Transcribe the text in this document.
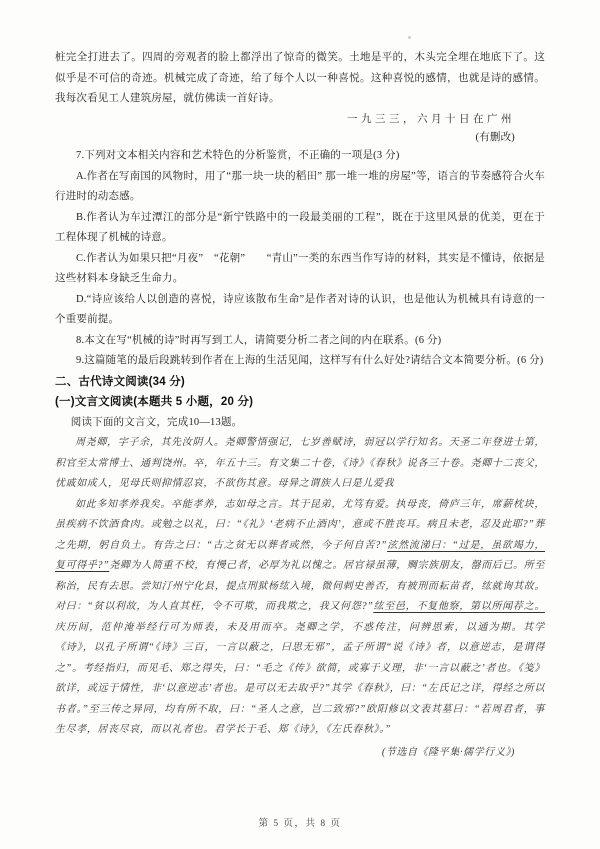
桩完全打进去了。四周的旁观者的脸上都浮出了惊奇的微笑。土地是平的，木头完全埋在地底下了。这似乎是不可信的奇迹。机械完成了奇迹，给了每个人以一种喜悦。这种喜悦的感情，也就是诗的感情。我每次看见工人建筑房屋，就仿佛读一首好诗。

一九三三，六月十日在广州

(有删改)

7.下列对文本相关内容和艺术特色的分析鉴赏，不正确的一项是(3 分)

A.作者在写南国的风物时，用了“那一块一块的稻田” 那一堆一堆的房屋”等，语言的节奏感符合火车行进时的动态感。

B.作者认为车过潭江的部分是“新宁铁路中的一段最美丽的工程”，既在于这里风景的优美，更在于工程体现了机械的诗意。

C.作者认为如果只把“月夜”　“花朝”　　“青山”一类的东西当作写诗的材料，其实是不懂诗，依据是这些材料本身缺乏生命力。

D.“诗应该给人以创造的喜悦，诗应该散布生命”是作者对诗的认识，也是他认为机械具有诗意的一个重要前提。

8.本文在写“机械的诗”时再写到工人，请简要分析二者之间的内在联系。(6 分)

9.这篇随笔的最后段跳转到作者在上海的生活见闻，这样写有什么好处?请结合文本简要分析。(6 分)

二、古代诗文阅读(34 分)

(一)文言文阅读(本题共 5 小题，20 分)

阅读下面的文言文，完成10—13题。

周尧卿，字子余，其先汝阴人。尧卿警悟强记，七岁善赋诗，弱冠以学行知名。天圣二年登进士第，积官至太常博士、通判饶州。卒，年五十三。有文集二十卷，《诗》《春秋》说各三十卷。尧卿十二丧父，忧戚如成人，见母氏则抑情忍哀，不欲伤其意。母异之谓族人曰是儿爱我

如此多知孝养我矣。卒能孝养，志如母之言。其于昆弟，尤笃有爱。执母丧，倚庐三年，席薪枕块，虽疾病不饮酒食肉。或勉之以礼，曰：“《礼》‘老病不止酒肉’，意或不胜丧耳。病且未老，忍及此耶?”葬之先期，躬自负土。有告之曰：“古之贫无以葬者或然，今子何自苦?”泫然流涕曰：“过是，虽欲竭力，复可得乎?”尧卿为人简重不校，有慢己者，必厚为礼以愧之。居官禄虽薄，赒宗族朋友，罄而后已。所至称治，民有去思。尝知汀州宁化县，提点刑狱杨纮入境，微伺刺史善否，有被刑而耘苗者，纮就询其故。对曰：“贫以利故，为人直其枉，令不可欺，而我欺之，我又何怨?”纮至邑，不复他察，第以所闻荐之。庆历间，范仲淹举经行可为师表，未及用而卒。尧卿之学，不惑传注，问辨思索，以通为期。其学《诗》，以孔子所谓“《诗》三百，一言以蔽之，曰思无邪”，孟子所谓“说《诗》者，以意逆志，是谓得之”。考经指归，而见毛、郑之得失，曰：“毛之《传》欲简，或寡于义理，非‘一言以蔽之’者也。《笺》欲详，或远于情性，非‘以意逆志’者也。是可以无去取乎?”其学《春秋》，曰：“左氏记之详，得经之所以书者。”至三传之异同，均有所不取，曰：“圣人之意，岂二致邪?”欧阳修以文表其墓曰：“若周君者，事生尽孝，居丧尽哀，而以礼者也。君学长于毛、郑《诗》，《左氏春秋》。”

(节选自《隆平集·儒学行义》)

第 5 页，共 8 页
